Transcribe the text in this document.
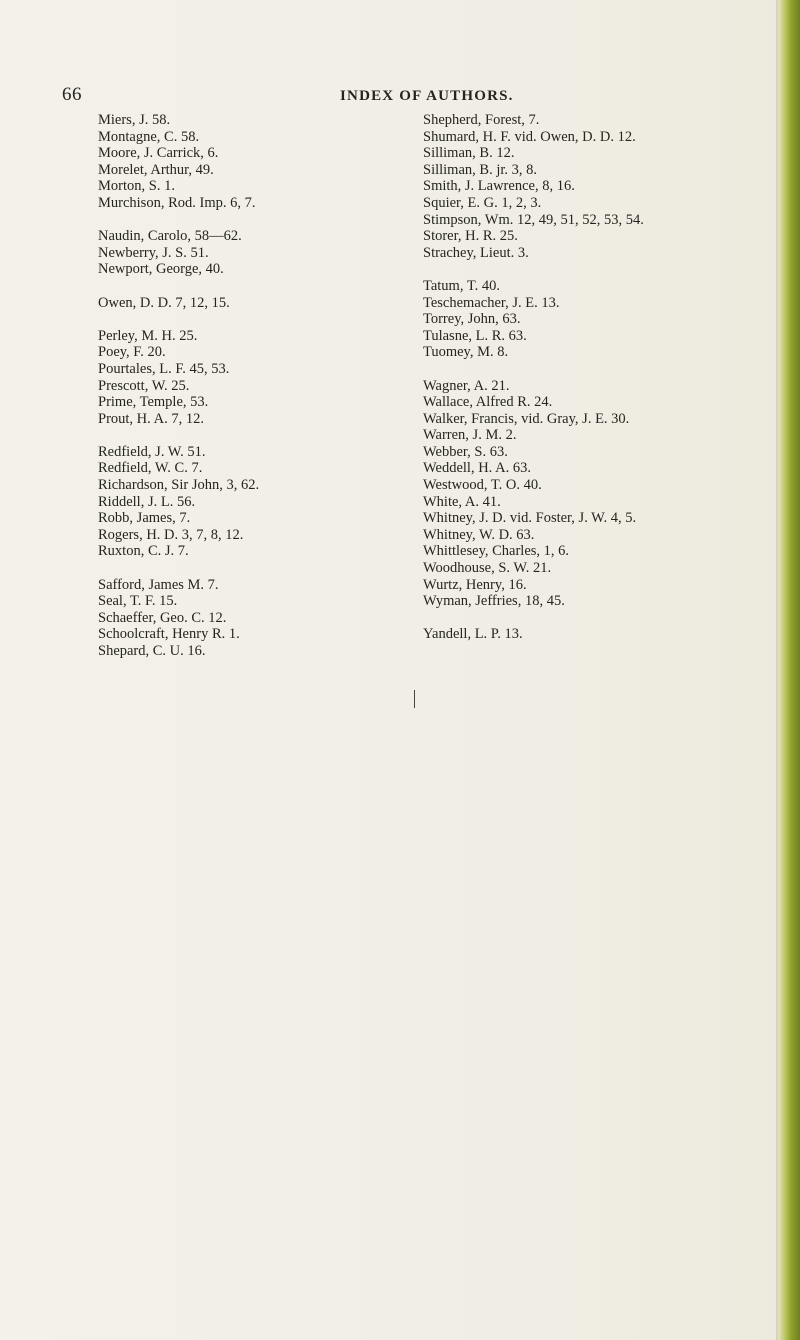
66	INDEX OF AUTHORS.
Miers, J. 58.
Montagne, C. 58.
Moore, J. Carrick, 6.
Morelet, Arthur, 49.
Morton, S. 1.
Murchison, Rod. Imp. 6, 7.
Naudin, Carolo, 58—62.
Newberry, J. S. 51.
Newport, George, 40.
Owen, D. D. 7, 12, 15.
Perley, M. H. 25.
Poey, F. 20.
Pourtales, L. F. 45, 53.
Prescott, W. 25.
Prime, Temple, 53.
Prout, H. A. 7, 12.
Redfield, J. W. 51.
Redfield, W. C. 7.
Richardson, Sir John, 3, 62.
Riddell, J. L. 56.
Robb, James, 7.
Rogers, H. D. 3, 7, 8, 12.
Ruxton, C. J. 7.
Safford, James M. 7.
Seal, T. F. 15.
Schaeffer, Geo. C. 12.
Schoolcraft, Henry R. 1.
Shepard, C. U. 16.
Shepherd, Forest, 7.
Shumard, H. F. vid. Owen, D. D. 12.
Silliman, B. 12.
Silliman, B. jr. 3, 8.
Smith, J. Lawrence, 8, 16.
Squier, E. G. 1, 2, 3.
Stimpson, Wm. 12, 49, 51, 52, 53, 54.
Storer, H. R. 25.
Strachey, Lieut. 3.
Tatum, T. 40.
Teschemacher, J. E. 13.
Torrey, John, 63.
Tulasne, L. R. 63.
Tuomey, M. 8.
Wagner, A. 21.
Wallace, Alfred R. 24.
Walker, Francis, vid. Gray, J. E. 30.
Warren, J. M. 2.
Webber, S. 63.
Weddell, H. A. 63.
Westwood, T. O. 40.
White, A. 41.
Whitney, J. D. vid. Foster, J. W. 4, 5.
Whitney, W. D. 63.
Whittlesey, Charles, 1, 6.
Woodhouse, S. W. 21.
Wurtz, Henry, 16.
Wyman, Jeffries, 18, 45.
Yandell, L. P. 13.
